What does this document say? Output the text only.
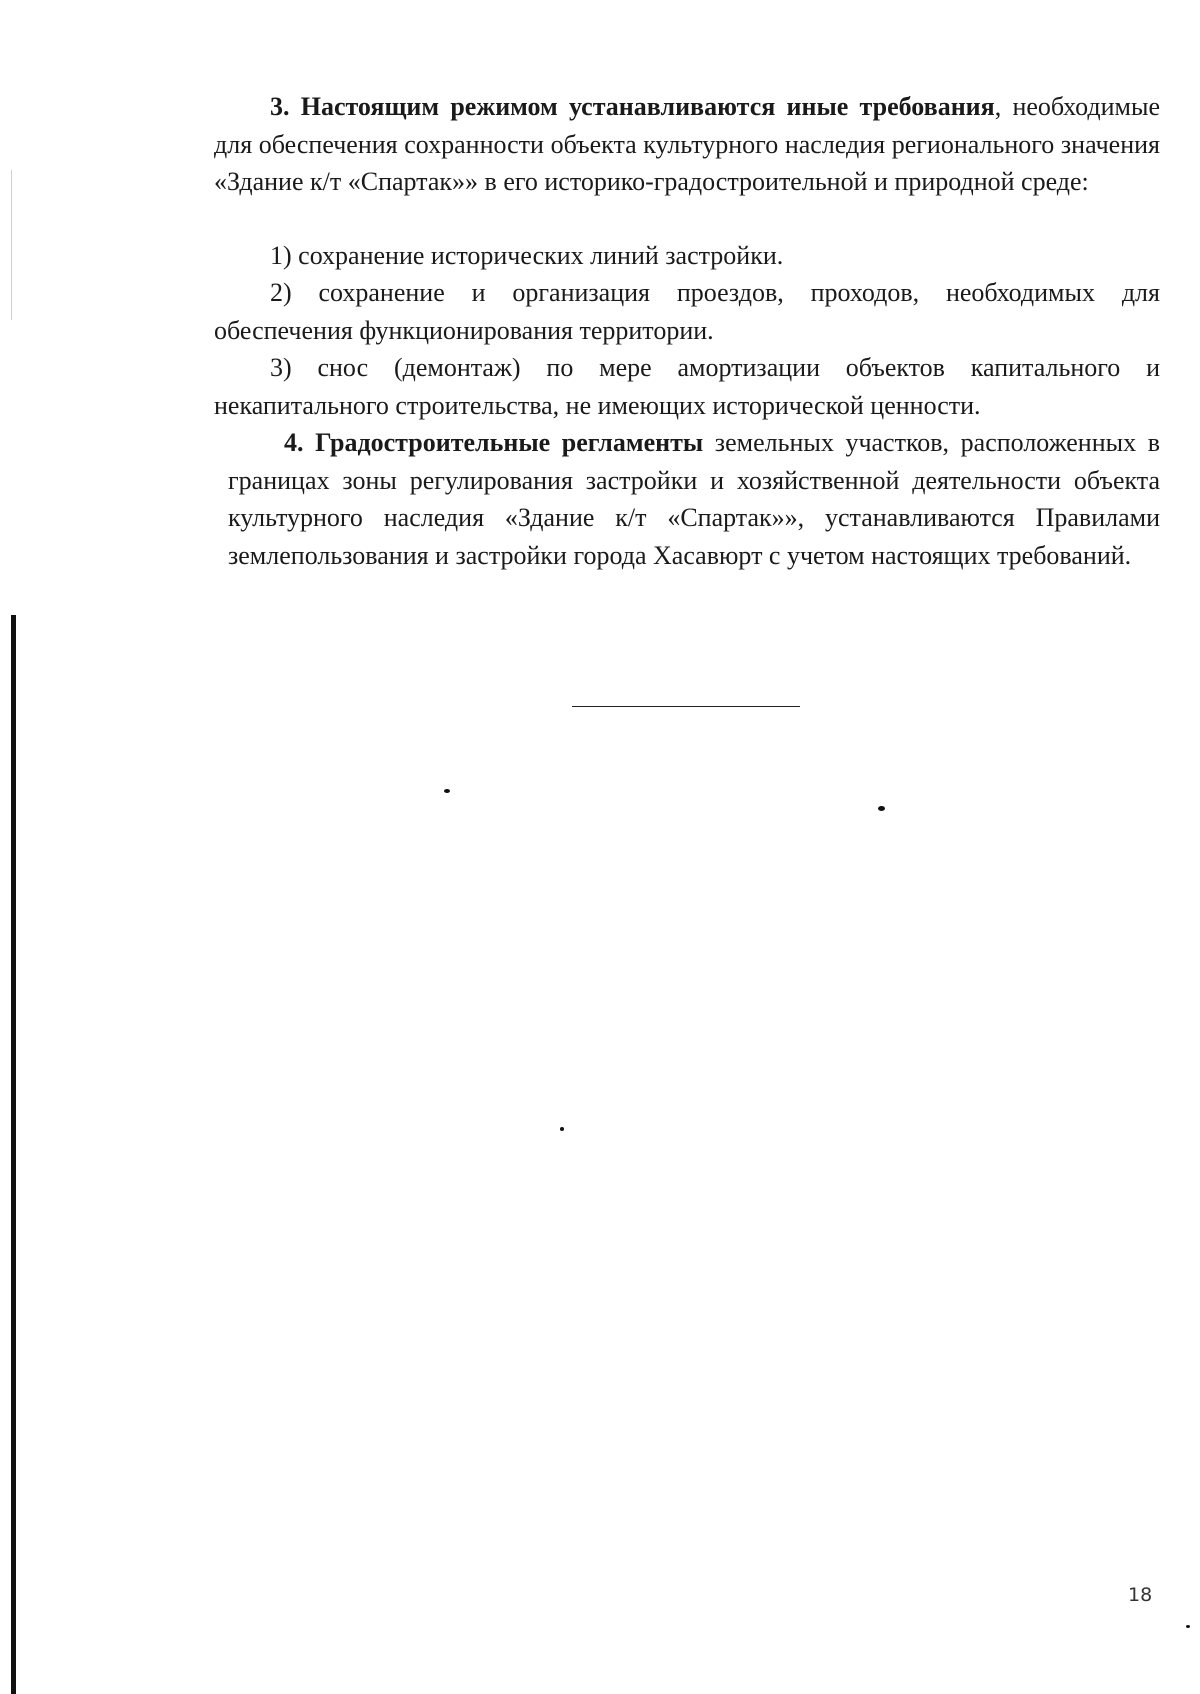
3. Настоящим режимом устанавливаются иные требования, необходимые для обеспечения сохранности объекта культурного наследия регионального значения «Здание к/т «Спартак»» в его историко-градостроительной и природной среде:

1) сохранение исторических линий застройки.

2) сохранение и организация проездов, проходов, необходимых для обеспечения функционирования территории.

3) снос (демонтаж) по мере амортизации объектов капитального и некапитального строительства, не имеющих исторической ценности.

4. Градостроительные регламенты земельных участков, расположенных в границах зоны регулирования застройки и хозяйственной деятельности объекта культурного наследия «Здание к/т «Спартак»», устанавливаются Правилами землепользования и застройки города Хасавюрт с учетом настоящих требований.

18
